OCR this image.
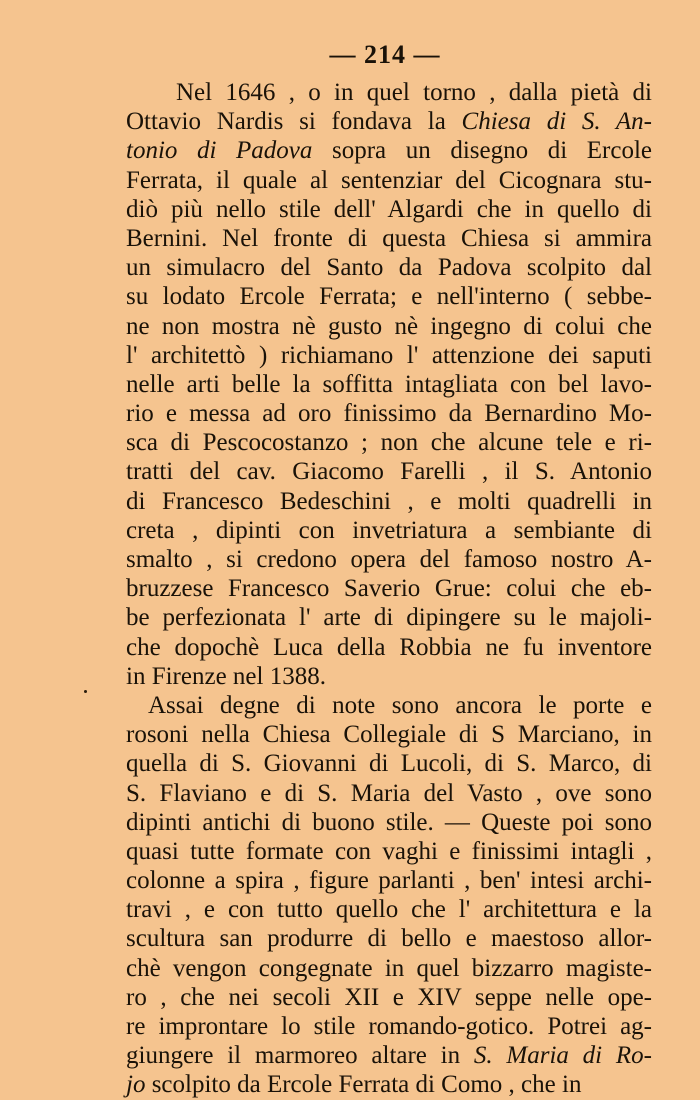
— 214 —
Nel 1646 , o in quel torno , dalla pietà di
Ottavio Nardis si fondava la Chiesa di S. An-
tonio di Padova sopra un disegno di Ercole
Ferrata, il quale al sentenziar del Cicognara stu-
diò più nello stile dell' Algardi che in quello di
Bernini. Nel fronte di questa Chiesa si ammira
un simulacro del Santo da Padova scolpito dal
su lodato Ercole Ferrata; e nell'interno ( sebbe-
ne non mostra nè gusto nè ingegno di colui che
l' architettò ) richiamano l' attenzione dei saputi
nelle arti belle la soffitta intagliata con bel lavo-
rio e messa ad oro finissimo da Bernardino Mo-
sca di Pescocostanzo ; non che alcune tele e ri-
tratti del cav. Giacomo Farelli , il S. Antonio
di Francesco Bedeschini , e molti quadrelli in
creta , dipinti con invetriatura a sembiante di
smalto , si credono opera del famoso nostro A-
bruzzese Francesco Saverio Grue: colui che eb-
be perfezionata l' arte di dipingere su le majoli-
che dopochè Luca della Robbia ne fu inventore
in Firenze nel 1388.
Assai degne di note sono ancora le porte e
rosoni nella Chiesa Collegiale di S Marciano, in
quella di S. Giovanni di Lucoli, di S. Marco, di
S. Flaviano e di S. Maria del Vasto , ove sono
dipinti antichi di buono stile. — Queste poi sono
quasi tutte formate con vaghi e finissimi intagli ,
colonne a spira , figure parlanti , ben' intesi archi-
travi , e con tutto quello che l' architettura e la
scultura san produrre di bello e maestoso allor-
chè vengon congegnate in quel bizzarro magiste-
ro , che nei secoli XII e XIV seppe nelle ope-
re improntare lo stile romando-gotico. Potrei ag-
giungere il marmoreo altare in S. Maria di Ro-
jo scolpito da Ercole Ferrata di Como , che in
